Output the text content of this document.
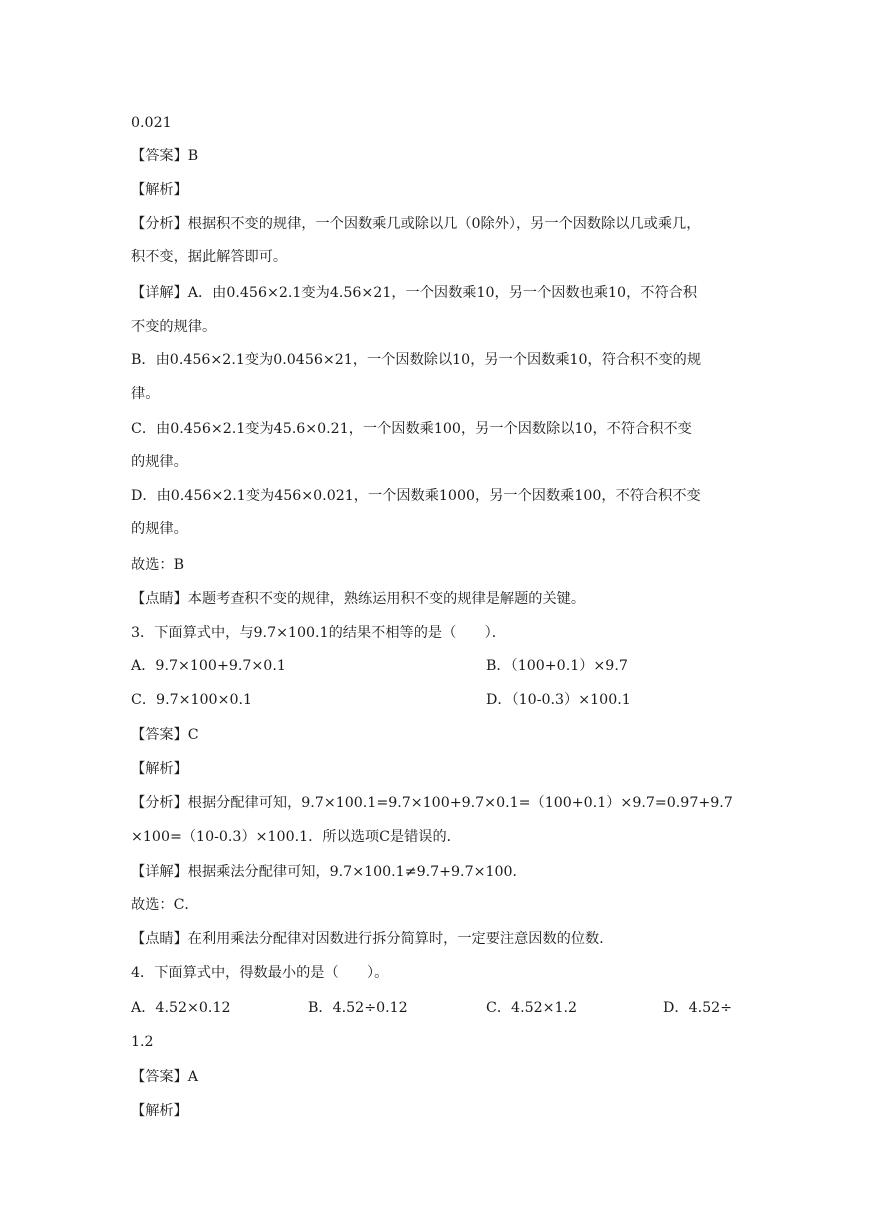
0.021
【答案】B
【解析】
【分析】根据积不变的规律，一个因数乘几或除以几（0除外），另一个因数除以几或乘几，
积不变，据此解答即可。
【详解】A．由0.456×2.1变为4.56×21，一个因数乘10，另一个因数也乘10，不符合积
不变的规律。
B．由0.456×2.1变为0.0456×21，一个因数除以10，另一个因数乘10，符合积不变的规
律。
C．由0.456×2.1变为45.6×0.21，一个因数乘100，另一个因数除以10，不符合积不变
的规律。
D．由0.456×2.1变为456×0.021，一个因数乘1000，另一个因数乘100，不符合积不变
的规律。
故选：B
【点睛】本题考查积不变的规律，熟练运用积不变的规律是解题的关键。
3．下面算式中，与9.7×100.1的结果不相等的是（　　）．
A．9.7×100+9.7×0.1	B．（100+0.1）×9.7
C．9.7×100×0.1	D．（10-0.3）×100.1
【答案】C
【解析】
【分析】根据分配律可知，9.7×100.1=9.7×100+9.7×0.1=（100+0.1）×9.7=0.97+9.7
×100=（10-0.3）×100.1．所以选项C是错误的．
【详解】根据乘法分配律可知，9.7×100.1≠9.7+9.7×100．
故选：C．
【点睛】在利用乘法分配律对因数进行拆分简算时，一定要注意因数的位数．
4．下面算式中，得数最小的是（　　）。
A．4.52×0.12	B．4.52÷0.12	C．4.52×1.2	D．4.52÷
1.2
【答案】A
【解析】
